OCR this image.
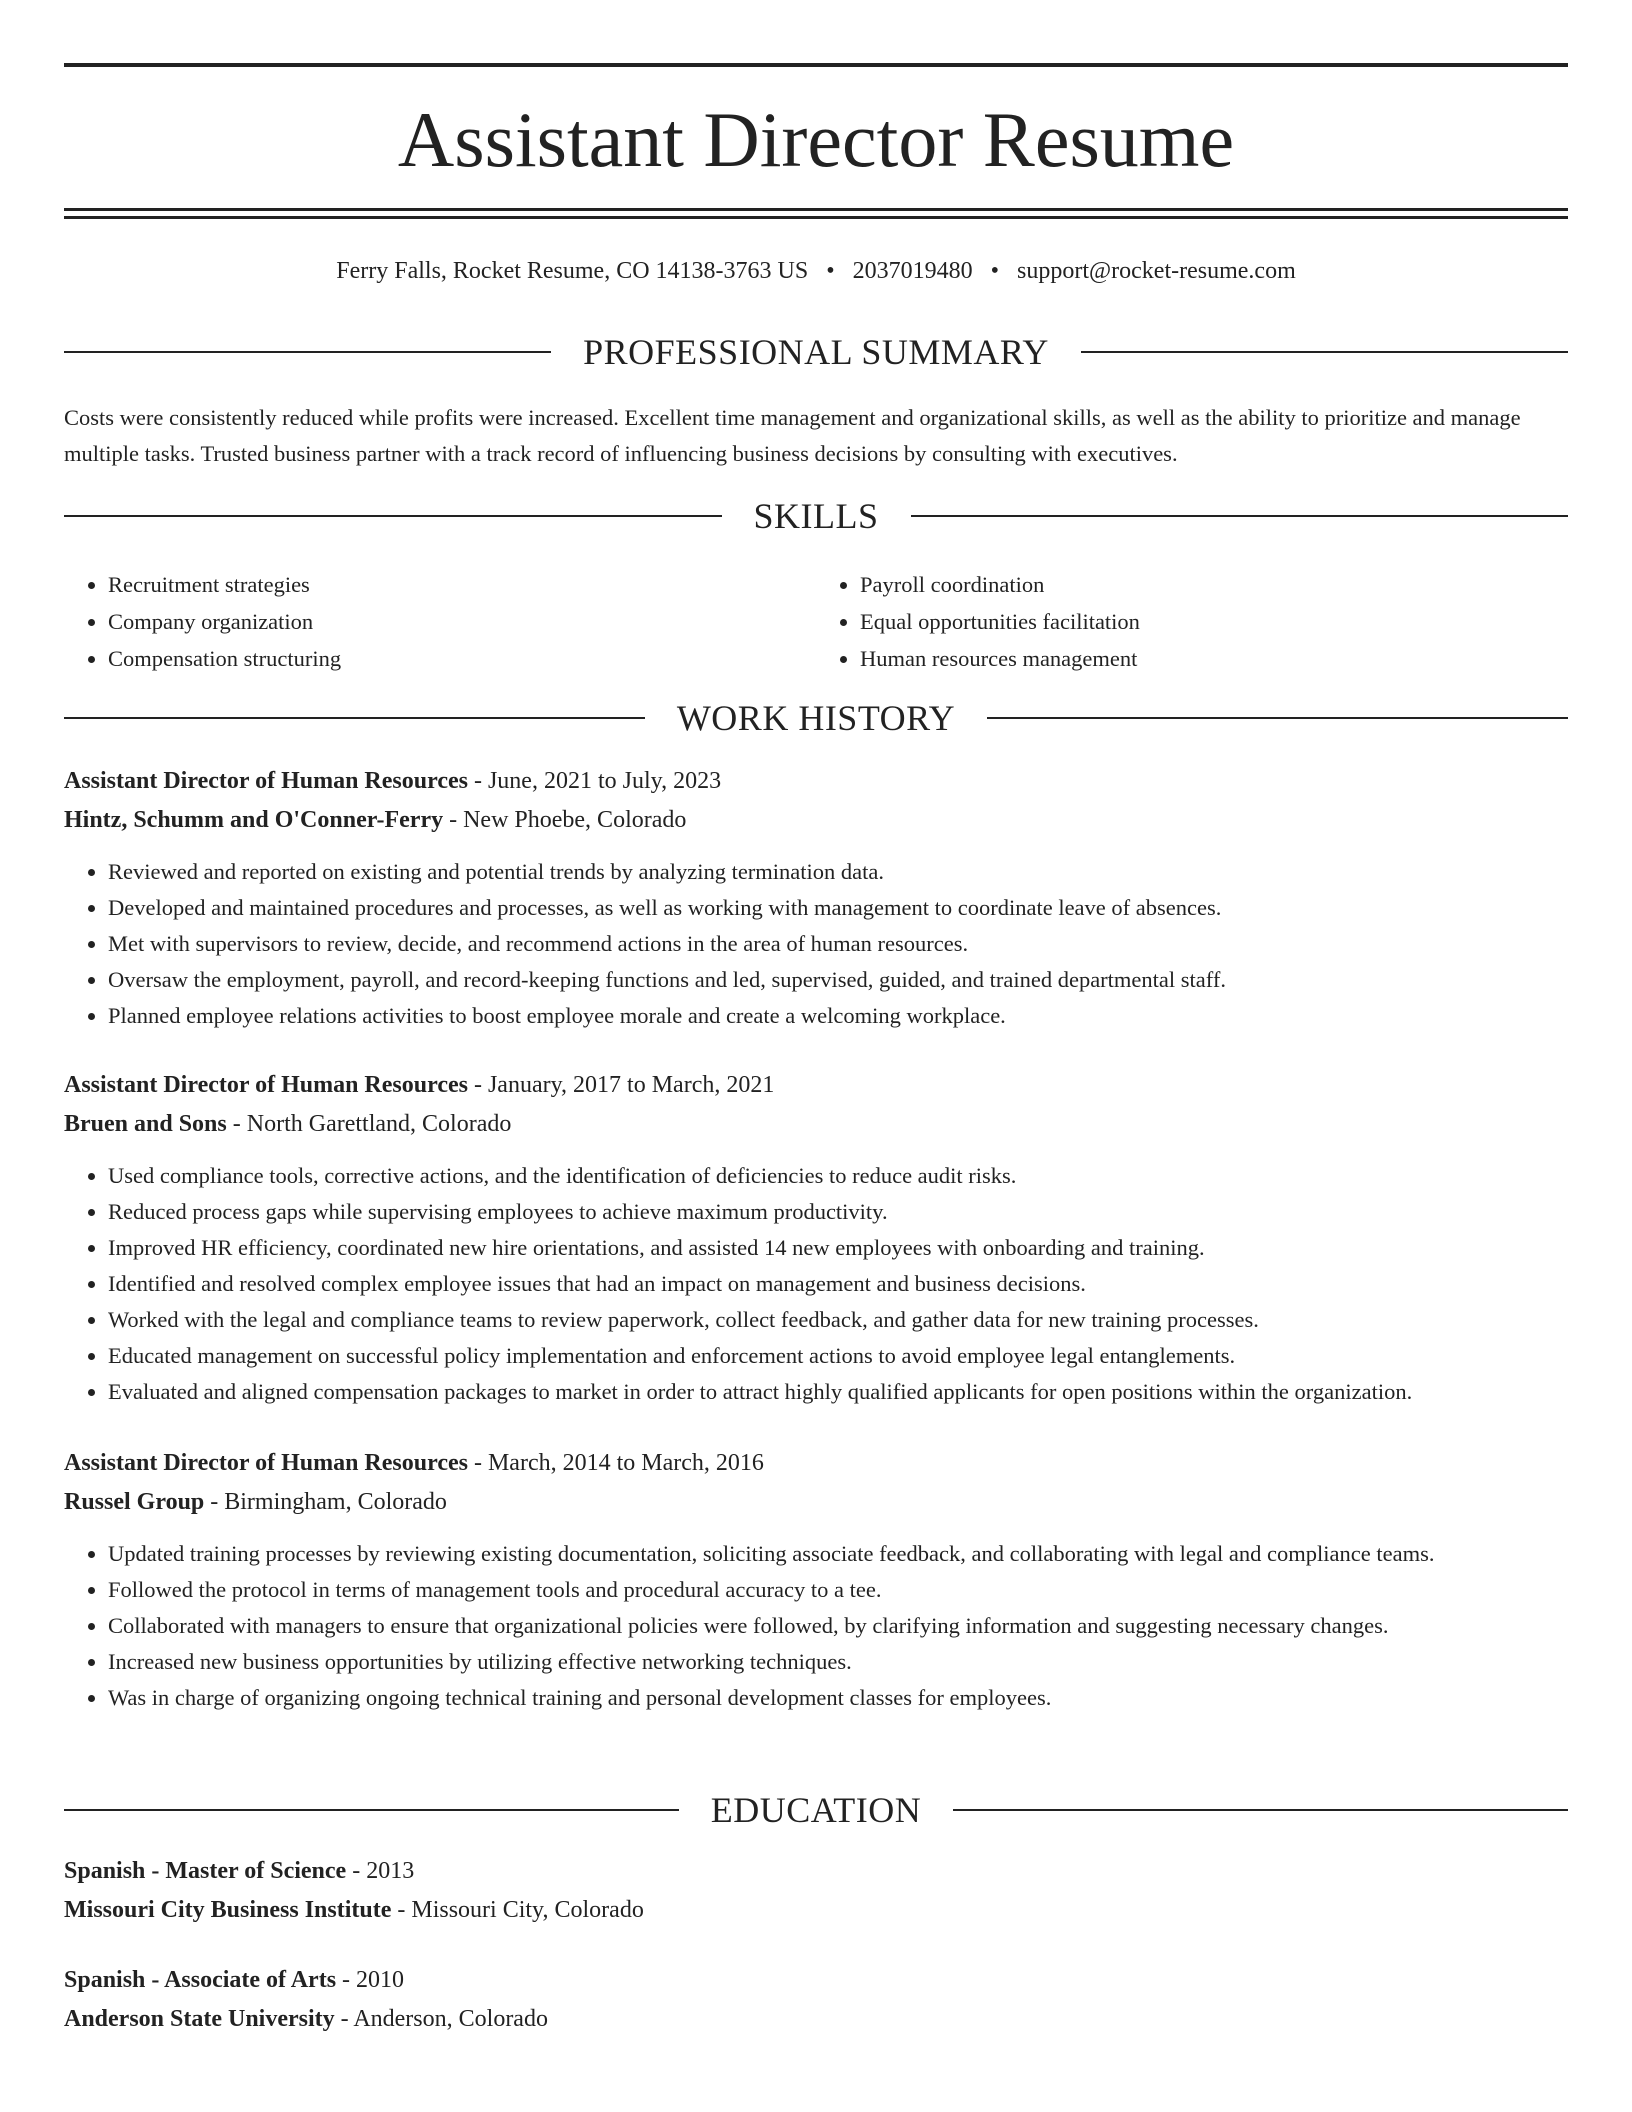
Assistant Director Resume
Ferry Falls, Rocket Resume, CO 14138-3763 US • 2037019480 • support@rocket-resume.com
PROFESSIONAL SUMMARY

Costs were consistently reduced while profits were increased. Excellent time management and organizational skills, as well as the ability to prioritize and manage multiple tasks. Trusted business partner with a track record of influencing business decisions by consulting with executives.

SKILLS
• Recruitment strategies
• Company organization
• Compensation structuring
• Payroll coordination
• Equal opportunities facilitation
• Human resources management
WORK HISTORY

Assistant Director of Human Resources - June, 2021 to July, 2023

Hintz, Schumm and O'Conner-Ferry - New Phoebe, Colorado

• Reviewed and reported on existing and potential trends by analyzing termination data.
• Developed and maintained procedures and processes, as well as working with management to coordinate leave of absences.
• Met with supervisors to review, decide, and recommend actions in the area of human resources.
• Oversaw the employment, payroll, and record-keeping functions and led, supervised, guided, and trained departmental staff.
• Planned employee relations activities to boost employee morale and create a welcoming workplace.

Assistant Director of Human Resources - January, 2017 to March, 2021

Bruen and Sons - North Garettland, Colorado

• Used compliance tools, corrective actions, and the identification of deficiencies to reduce audit risks.
• Reduced process gaps while supervising employees to achieve maximum productivity.
• Improved HR efficiency, coordinated new hire orientations, and assisted 14 new employees with onboarding and training.
• Identified and resolved complex employee issues that had an impact on management and business decisions.
• Worked with the legal and compliance teams to review paperwork, collect feedback, and gather data for new training processes.
• Educated management on successful policy implementation and enforcement actions to avoid employee legal entanglements.
• Evaluated and aligned compensation packages to market in order to attract highly qualified applicants for open positions within the organization.

Assistant Director of Human Resources - March, 2014 to March, 2016

Russel Group - Birmingham, Colorado

• Updated training processes by reviewing existing documentation, soliciting associate feedback, and collaborating with legal and compliance teams.
• Followed the protocol in terms of management tools and procedural accuracy to a tee.
• Collaborated with managers to ensure that organizational policies were followed, by clarifying information and suggesting necessary changes.
• Increased new business opportunities by utilizing effective networking techniques.
• Was in charge of organizing ongoing technical training and personal development classes for employees.
EDUCATION

Spanish - Master of Science - 2013

Missouri City Business Institute - Missouri City, Colorado

Spanish - Associate of Arts - 2010

Anderson State University - Anderson, Colorado
